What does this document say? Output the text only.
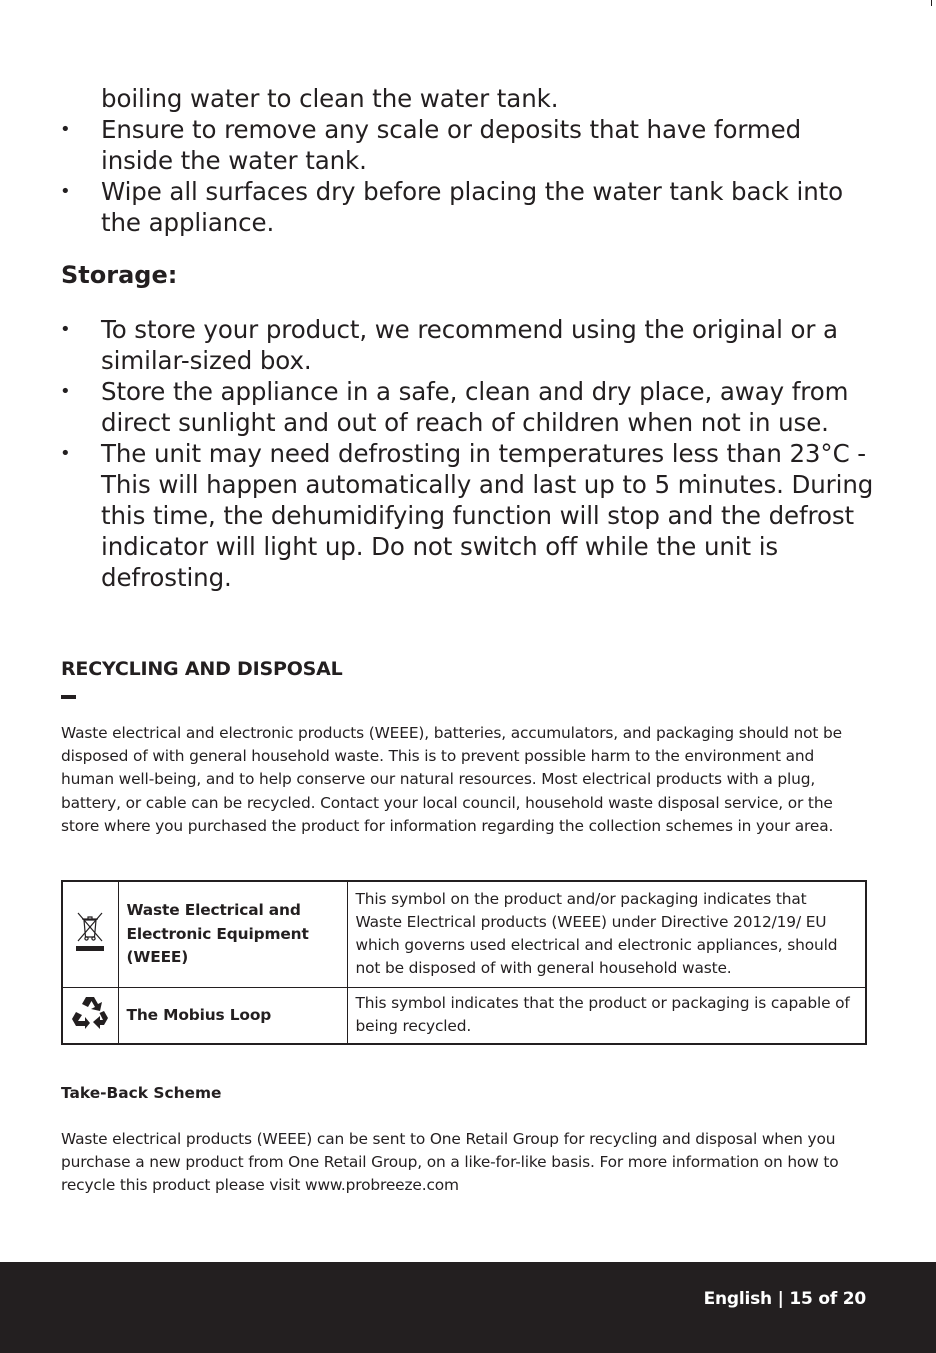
boiling water to clean the water tank.
• Ensure to remove any scale or deposits that have formed inside the water tank.
• Wipe all surfaces dry before placing the water tank back into the appliance.
Storage:
• To store your product, we recommend using the original or a similar-sized box.
• Store the appliance in a safe, clean and dry place, away from direct sunlight and out of reach of children when not in use.
• The unit may need defrosting in temperatures less than 23°C - This will happen automatically and last up to 5 minutes. During this time, the dehumidifying function will stop and the defrost indicator will light up. Do not switch off while the unit is defrosting.
RECYCLING AND DISPOSAL

Waste electrical and electronic products (WEEE), batteries, accumulators, and packaging should not be disposed of with general household waste. This is to prevent possible harm to the environment and human well-being, and to help conserve our natural resources. Most electrical products with a plug, battery, or cable can be recycled. Contact your local council, household waste disposal service, or the store where you purchased the product for information regarding the collection schemes in your area.

	Waste Electrical and Electronic Equipment (WEEE)	This symbol on the product and/or packaging indicates that Waste Electrical products (WEEE) under Directive 2012/19/ EU which governs used electrical and electronic appliances, should not be disposed of with general household waste.
	The Mobius Loop	This symbol indicates that the product or packaging is capable of being recycled.
Take-Back Scheme

Waste electrical products (WEEE) can be sent to One Retail Group for recycling and disposal when you purchase a new product from One Retail Group, on a like-for-like basis. For more information on how to recycle this product please visit www.probreeze.com

English | 15 of 20
